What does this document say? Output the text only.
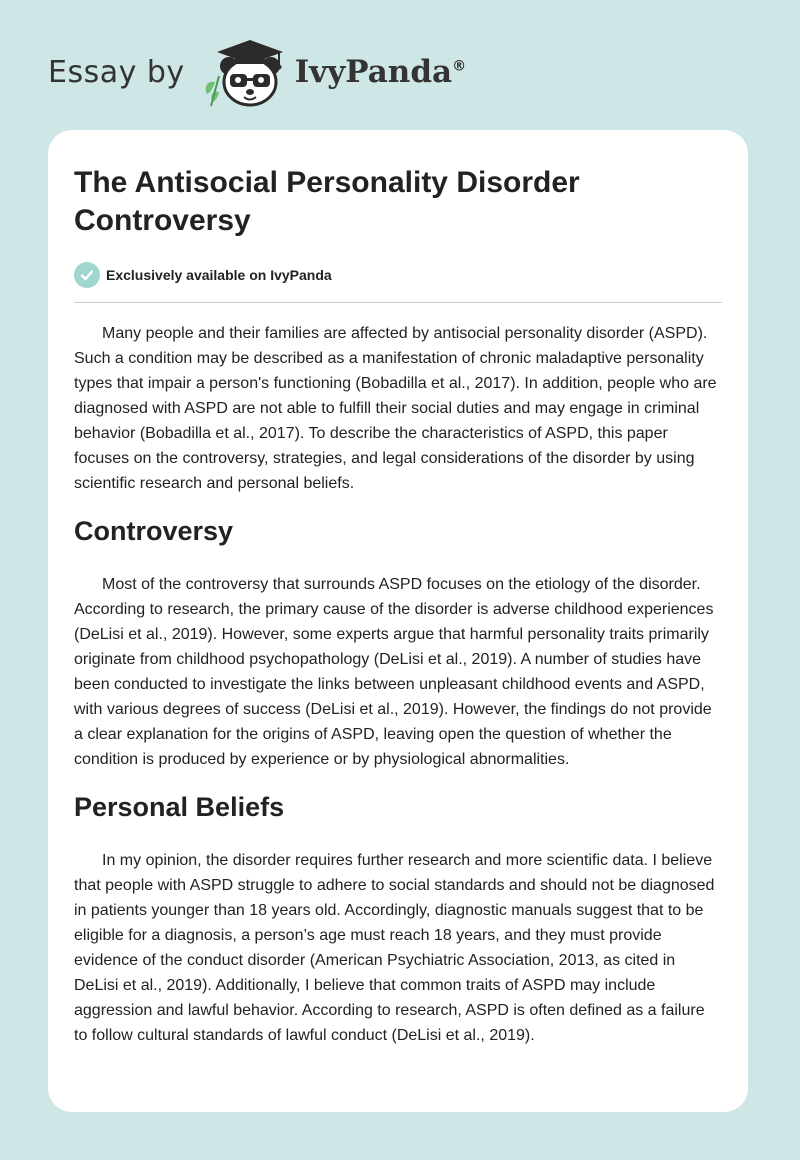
Essay by	IvyPanda®
The Antisocial Personality Disorder Controversy
Exclusively available on IvyPanda

Many people and their families are affected by antisocial personality disorder (ASPD). Such a condition may be described as a manifestation of chronic maladaptive personality types that impair a person's functioning (Bobadilla et al., 2017). In addition, people who are diagnosed with ASPD are not able to fulfill their social duties and may engage in criminal behavior (Bobadilla et al., 2017). To describe the characteristics of ASPD, this paper focuses on the controversy, strategies, and legal considerations of the disorder by using scientific research and personal beliefs.

Controversy

Most of the controversy that surrounds ASPD focuses on the etiology of the disorder. According to research, the primary cause of the disorder is adverse childhood experiences (DeLisi et al., 2019). However, some experts argue that harmful personality traits primarily originate from childhood psychopathology (DeLisi et al., 2019). A number of studies have been conducted to investigate the links between unpleasant childhood events and ASPD, with various degrees of success (DeLisi et al., 2019). However, the findings do not provide a clear explanation for the origins of ASPD, leaving open the question of whether the condition is produced by experience or by physiological abnormalities.

Personal Beliefs

In my opinion, the disorder requires further research and more scientific data. I believe that people with ASPD struggle to adhere to social standards and should not be diagnosed in patients younger than 18 years old. Accordingly, diagnostic manuals suggest that to be eligible for a diagnosis, a person’s age must reach 18 years, and they must provide evidence of the conduct disorder (American Psychiatric Association, 2013, as cited in DeLisi et al., 2019). Additionally, I believe that common traits of ASPD may include aggression and lawful behavior. According to research, ASPD is often defined as a failure to follow cultural standards of lawful conduct (DeLisi et al., 2019).
